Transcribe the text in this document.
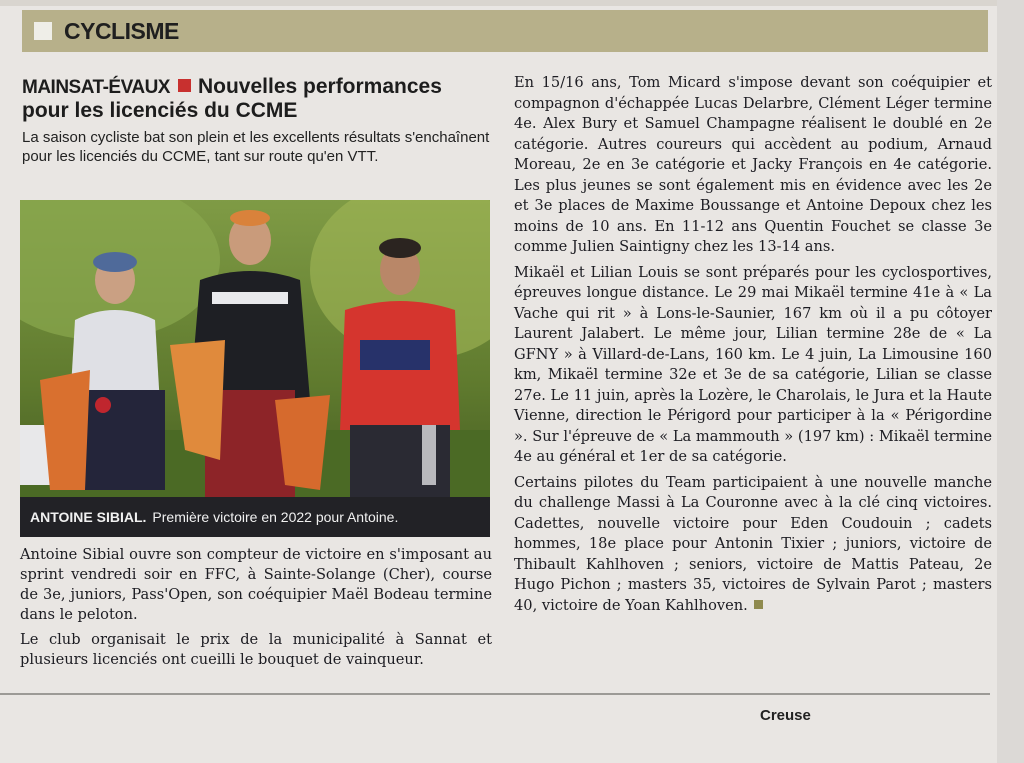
CYCLISME
MAINSAT-ÉVAUX Nouvelles performances
pour les licenciés du CCME

La saison cycliste bat son plein et les excellents résultats s'enchaînent pour les licenciés du CCME, tant sur route qu'en VTT.

ANTOINE SIBIAL. Première victoire en 2022 pour Antoine.

Antoine Sibial ouvre son compteur de victoire en s'imposant au sprint vendredi soir en FFC, à Sainte-Solange (Cher), course de 3e, juniors, Pass'Open, son coéquipier Maël Bodeau termine dans le peloton.

Le club organisait le prix de la municipalité à Sannat et plusieurs licenciés ont cueilli le bouquet de vainqueur.

En 15/16 ans, Tom Micard s'impose devant son coéquipier et compagnon d'échappée Lucas Delarbre, Clément Léger termine 4e. Alex Bury et Samuel Champagne réalisent le doublé en 2e catégorie. Autres coureurs qui accèdent au podium, Arnaud Moreau, 2e en 3e catégorie et Jacky François en 4e catégorie. Les plus jeunes se sont également mis en évidence avec les 2e et 3e places de Maxime Boussange et Antoine Depoux chez les moins de 10 ans. En 11-12 ans Quentin Fouchet se classe 3e comme Julien Saintigny chez les 13-14 ans.

Mikaël et Lilian Louis se sont préparés pour les cyclosportives, épreuves longue distance. Le 29 mai Mikaël termine 41e à « La Vache qui rit » à Lons-le-Saunier, 167 km où il a pu côtoyer Laurent Jalabert. Le même jour, Lilian termine 28e de « La GFNY » à Villard-de-Lans, 160 km. Le 4 juin, La Limousine 160 km, Mikaël termine 32e et 3e de sa catégorie, Lilian se classe 27e. Le 11 juin, après la Lozère, le Charolais, le Jura et la Haute Vienne, direction le Périgord pour participer à la « Périgordine ». Sur l'épreuve de « La mammouth » (197 km) : Mikaël termine 4e au général et 1er de sa catégorie.

Certains pilotes du Team participaient à une nouvelle manche du challenge Massi à La Couronne avec à la clé cinq victoires. Cadettes, nouvelle victoire pour Eden Coudouin ; cadets hommes, 18e place pour Antonin Tixier ; juniors, victoire de Thibault Kahlhoven ; seniors, victoire de Mattis Pateau, 2e Hugo Pichon ; masters 35, victoires de Sylvain Parot ; masters 40, victoire de Yoan Kahlhoven.

Creuse
